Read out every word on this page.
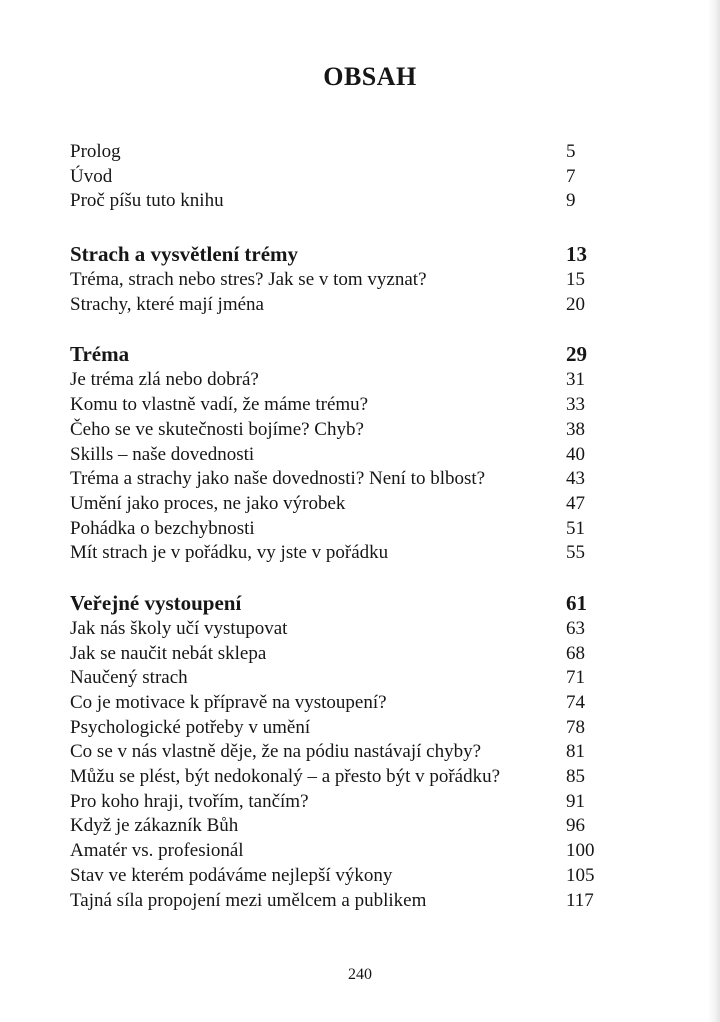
OBSAH
Prolog	5
Úvod	7
Proč píšu tuto knihu	9
Strach a vysvětlení trémy	13
Tréma, strach nebo stres? Jak se v tom vyznat?	15
Strachy, které mají jména	20
Tréma	29
Je tréma zlá nebo dobrá?	31
Komu to vlastně vadí, že máme trému?	33
Čeho se ve skutečnosti bojíme? Chyb?	38
Skills – naše dovednosti	40
Tréma a strachy jako naše dovednosti? Není to blbost?	43
Umění jako proces, ne jako výrobek	47
Pohádka o bezchybnosti	51
Mít strach je v pořádku, vy jste v pořádku	55
Veřejné vystoupení	61
Jak nás školy učí vystupovat	63
Jak se naučit nebát sklepa	68
Naučený strach	71
Co je motivace k přípravě na vystoupení?	74
Psychologické potřeby v umění	78
Co se v nás vlastně děje, že na pódiu nastávají chyby?	81
Můžu se plést, být nedokonalý – a přesto být v pořádku?	85
Pro koho hraji, tvořím, tančím?	91
Když je zákazník Bůh	96
Amatér vs. profesionál	100
Stav ve kterém podáváme nejlepší výkony	105
Tajná síla propojení mezi umělcem a publikem	117
240
